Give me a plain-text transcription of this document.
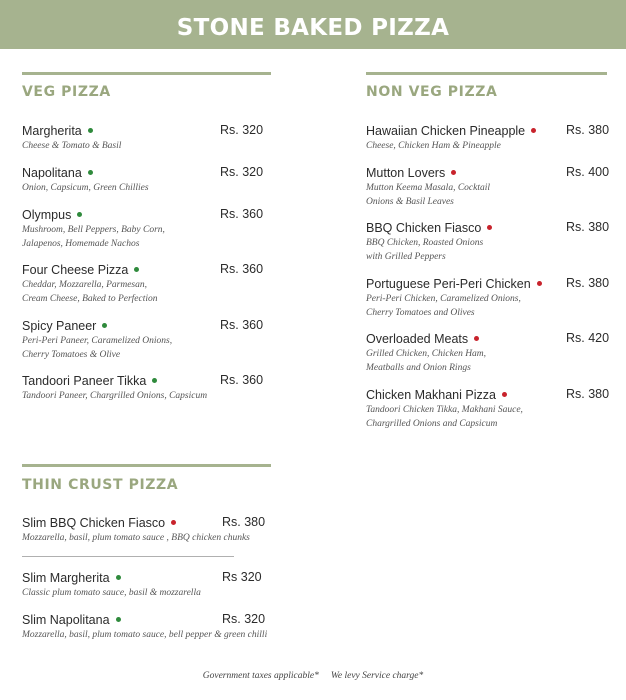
STONE BAKED PIZZA
VEG PIZZA
Margherita
Cheese & Tomato & Basil
Rs. 320
Napolitana
Onion, Capsicum, Green Chillies
Rs. 320
Olympus
Mushroom, Bell Peppers, Baby Corn,
Jalapenos, Homemade Nachos
Rs. 360
Four Cheese Pizza
Cheddar, Mozzarella, Parmesan,
Cream Cheese, Baked to Perfection
Rs. 360
Spicy Paneer
Peri-Peri Paneer, Caramelized Onions,
Cherry Tomatoes & Olive
Rs. 360
Tandoori Paneer Tikka
Tandoori Paneer, Chargrilled Onions, Capsicum
Rs. 360
NON VEG PIZZA
Hawaiian Chicken Pineapple
Cheese, Chicken Ham & Pineapple
Rs. 380
Mutton Lovers
Mutton Keema Masala, Cocktail
Onions & Basil Leaves
Rs. 400
BBQ Chicken Fiasco
BBQ Chicken, Roasted Onions
with Grilled Peppers
Rs. 380
Portuguese Peri-Peri Chicken
Peri-Peri Chicken, Caramelized Onions,
Cherry Tomatoes and Olives
Rs. 380
Overloaded Meats
Grilled Chicken, Chicken Ham,
Meatballs and Onion Rings
Rs. 420
Chicken Makhani Pizza
Tandoori Chicken Tikka, Makhani Sauce,
Chargrilled Onions and Capsicum
Rs. 380
THIN CRUST PIZZA
Slim BBQ Chicken Fiasco
Mozzarella, basil, plum tomato sauce , BBQ chicken chunks
Rs. 380
Slim Margherita
Classic plum tomato sauce, basil & mozzarella
Rs 320
Slim Napolitana
Mozzarella, basil, plum tomato sauce, bell pepper & green chilli
Rs. 320
Government taxes applicable* We levy Service charge*
